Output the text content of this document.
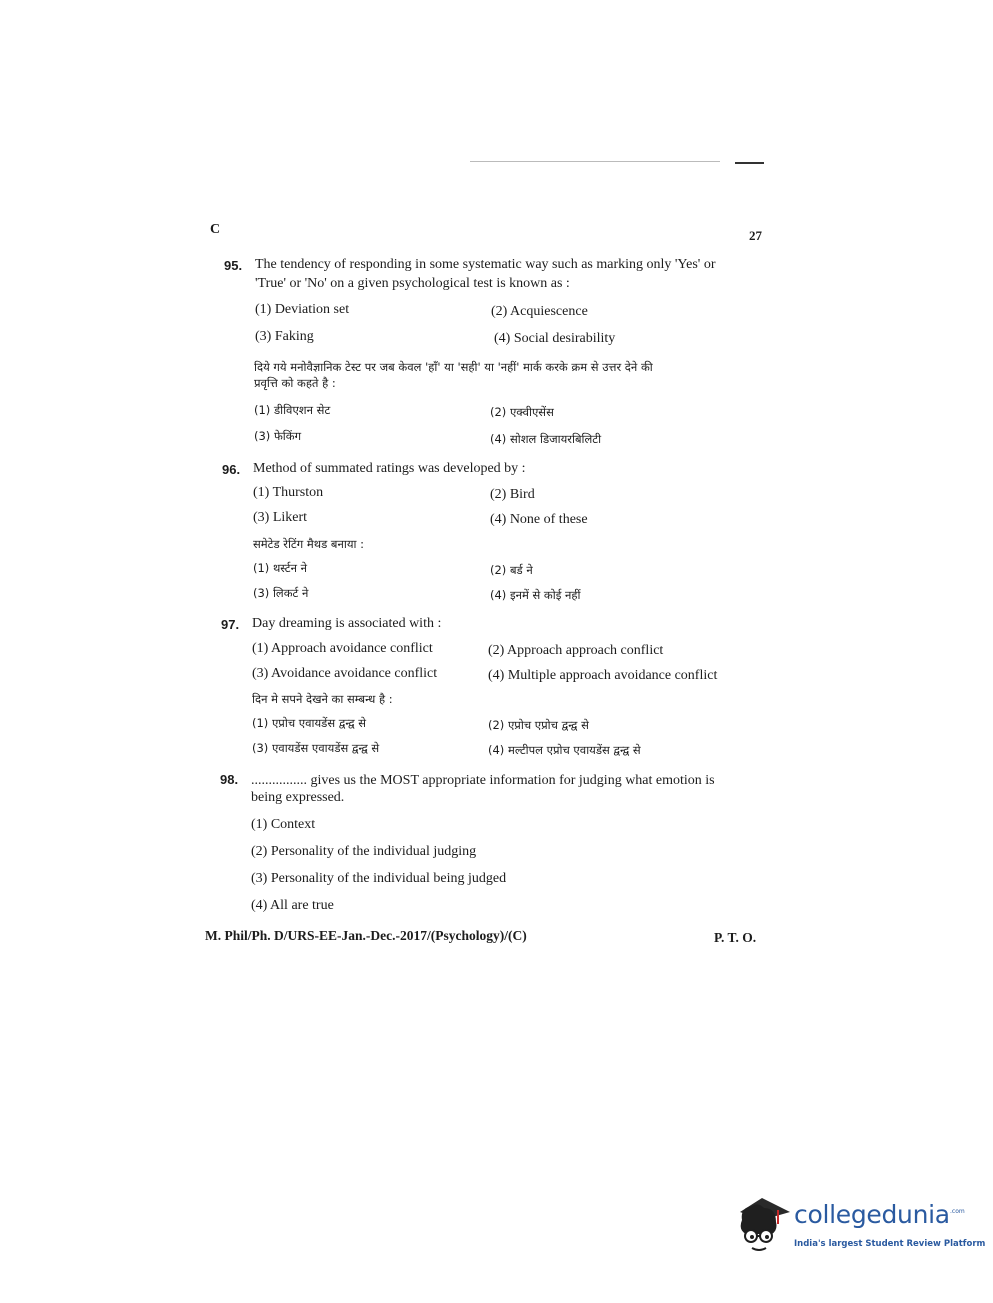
C	27
95. The tendency of responding in some systematic way such as marking only 'Yes' or
'True' or 'No' on a given psychological test is known as :
(1) Deviation set	(2) Acquiescence
(3) Faking	(4) Social desirability
दिये गये मनोवैज्ञानिक टेस्ट पर जब केवल 'हाँ' या 'सही' या 'नहीं' मार्क करके क्रम से उत्तर देने की
प्रवृत्ति को कहते है :
(1) डीविएशन सेट	(2) एक्वीएसेंस
(3) फेकिंग	(4) सोशल डिजायरबिलिटी
96. Method of summated ratings was developed by :
(1) Thurston	(2) Bird
(3) Likert	(4) None of these
समेटेड रेटिंग मैथड बनाया :
(1) थर्स्टन ने	(2) बर्ड ने
(3) लिकर्ट ने	(4) इनमें से कोई नहीं
97. Day dreaming is associated with :
(1) Approach avoidance conflict	(2) Approach approach conflict
(3) Avoidance avoidance conflict	(4) Multiple approach avoidance conflict
दिन मे सपने देखने का सम्बन्ध है :
(1) एप्रोच एवायडेंस द्वन्द्व से	(2) एप्रोच एप्रोच द्वन्द्व से
(3) एवायडेंस एवायडेंस द्वन्द्व से	(4) मल्टीपल एप्रोच एवायडेंस द्वन्द्व से
98. ................ gives us the MOST appropriate information for judging what emotion is
being expressed.
(1) Context
(2) Personality of the individual judging
(3) Personality of the individual being judged
(4) All are true
M. Phil/Ph. D/URS-EE-Jan.-Dec.-2017/(Psychology)/(C)	P. T. O.
collegedunia .com
India's largest Student Review Platform
